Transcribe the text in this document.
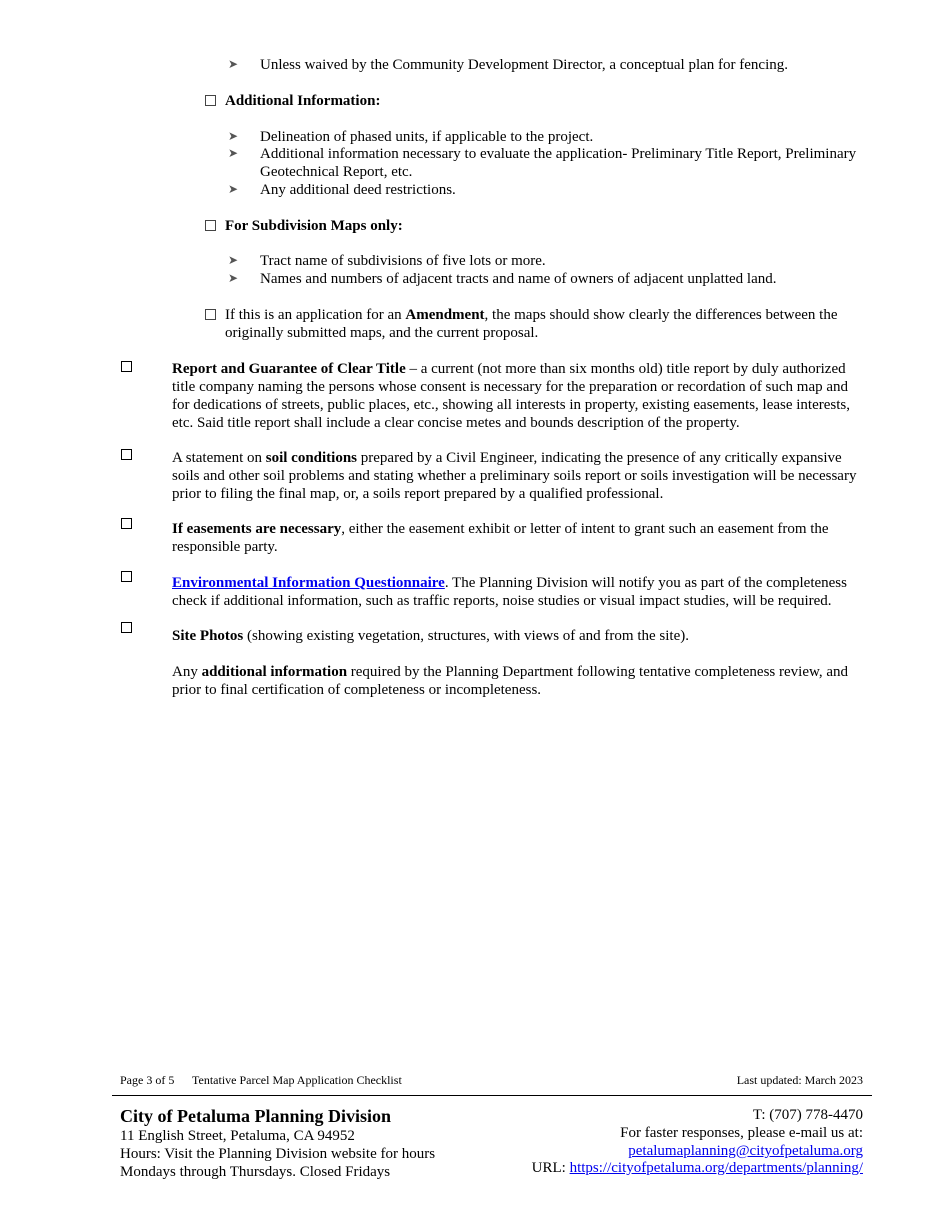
➤ Unless waived by the Community Development Director, a conceptual plan for fencing.
Additional Information:
➤ Delineation of phased units, if applicable to the project.
➤ Additional information necessary to evaluate the application- Preliminary Title Report, Preliminary
Geotechnical Report, etc.
➤ Any additional deed restrictions.
For Subdivision Maps only:
➤ Tract name of subdivisions of five lots or more.
➤ Names and numbers of adjacent tracts and name of owners of adjacent unplatted land.
If this is an application for an Amendment, the maps should show clearly the differences between the
originally submitted maps, and the current proposal.
Report and Guarantee of Clear Title – a current (not more than six months old) title report by duly authorized
title company naming the persons whose consent is necessary for the preparation or recordation of such map and
for dedications of streets, public places, etc., showing all interests in property, existing easements, lease interests,
etc. Said title report shall include a clear concise metes and bounds description of the property.
A statement on soil conditions prepared by a Civil Engineer, indicating the presence of any critically expansive
soils and other soil problems and stating whether a preliminary soils report or soils investigation will be necessary
prior to filing the final map, or, a soils report prepared by a qualified professional.
If easements are necessary, either the easement exhibit or letter of intent to grant such an easement from the
responsible party.
Environmental Information Questionnaire. The Planning Division will notify you as part of the completeness
check if additional information, such as traffic reports, noise studies or visual impact studies, will be required.
Site Photos (showing existing vegetation, structures, with views of and from the site).
Any additional information required by the Planning Department following tentative completeness review, and
prior to final certification of completeness or incompleteness.
Page 3 of 5 Tentative Parcel Map Application Checklist	Last updated: March 2023
City of Petaluma Planning Division
11 English Street, Petaluma, CA 94952
Hours: Visit the Planning Division website for hours
Mondays through Thursdays. Closed Fridays
T: (707) 778-4470
For faster responses, please e-mail us at:
petalumaplanning@cityofpetaluma.org
URL: https://cityofpetaluma.org/departments/planning/
